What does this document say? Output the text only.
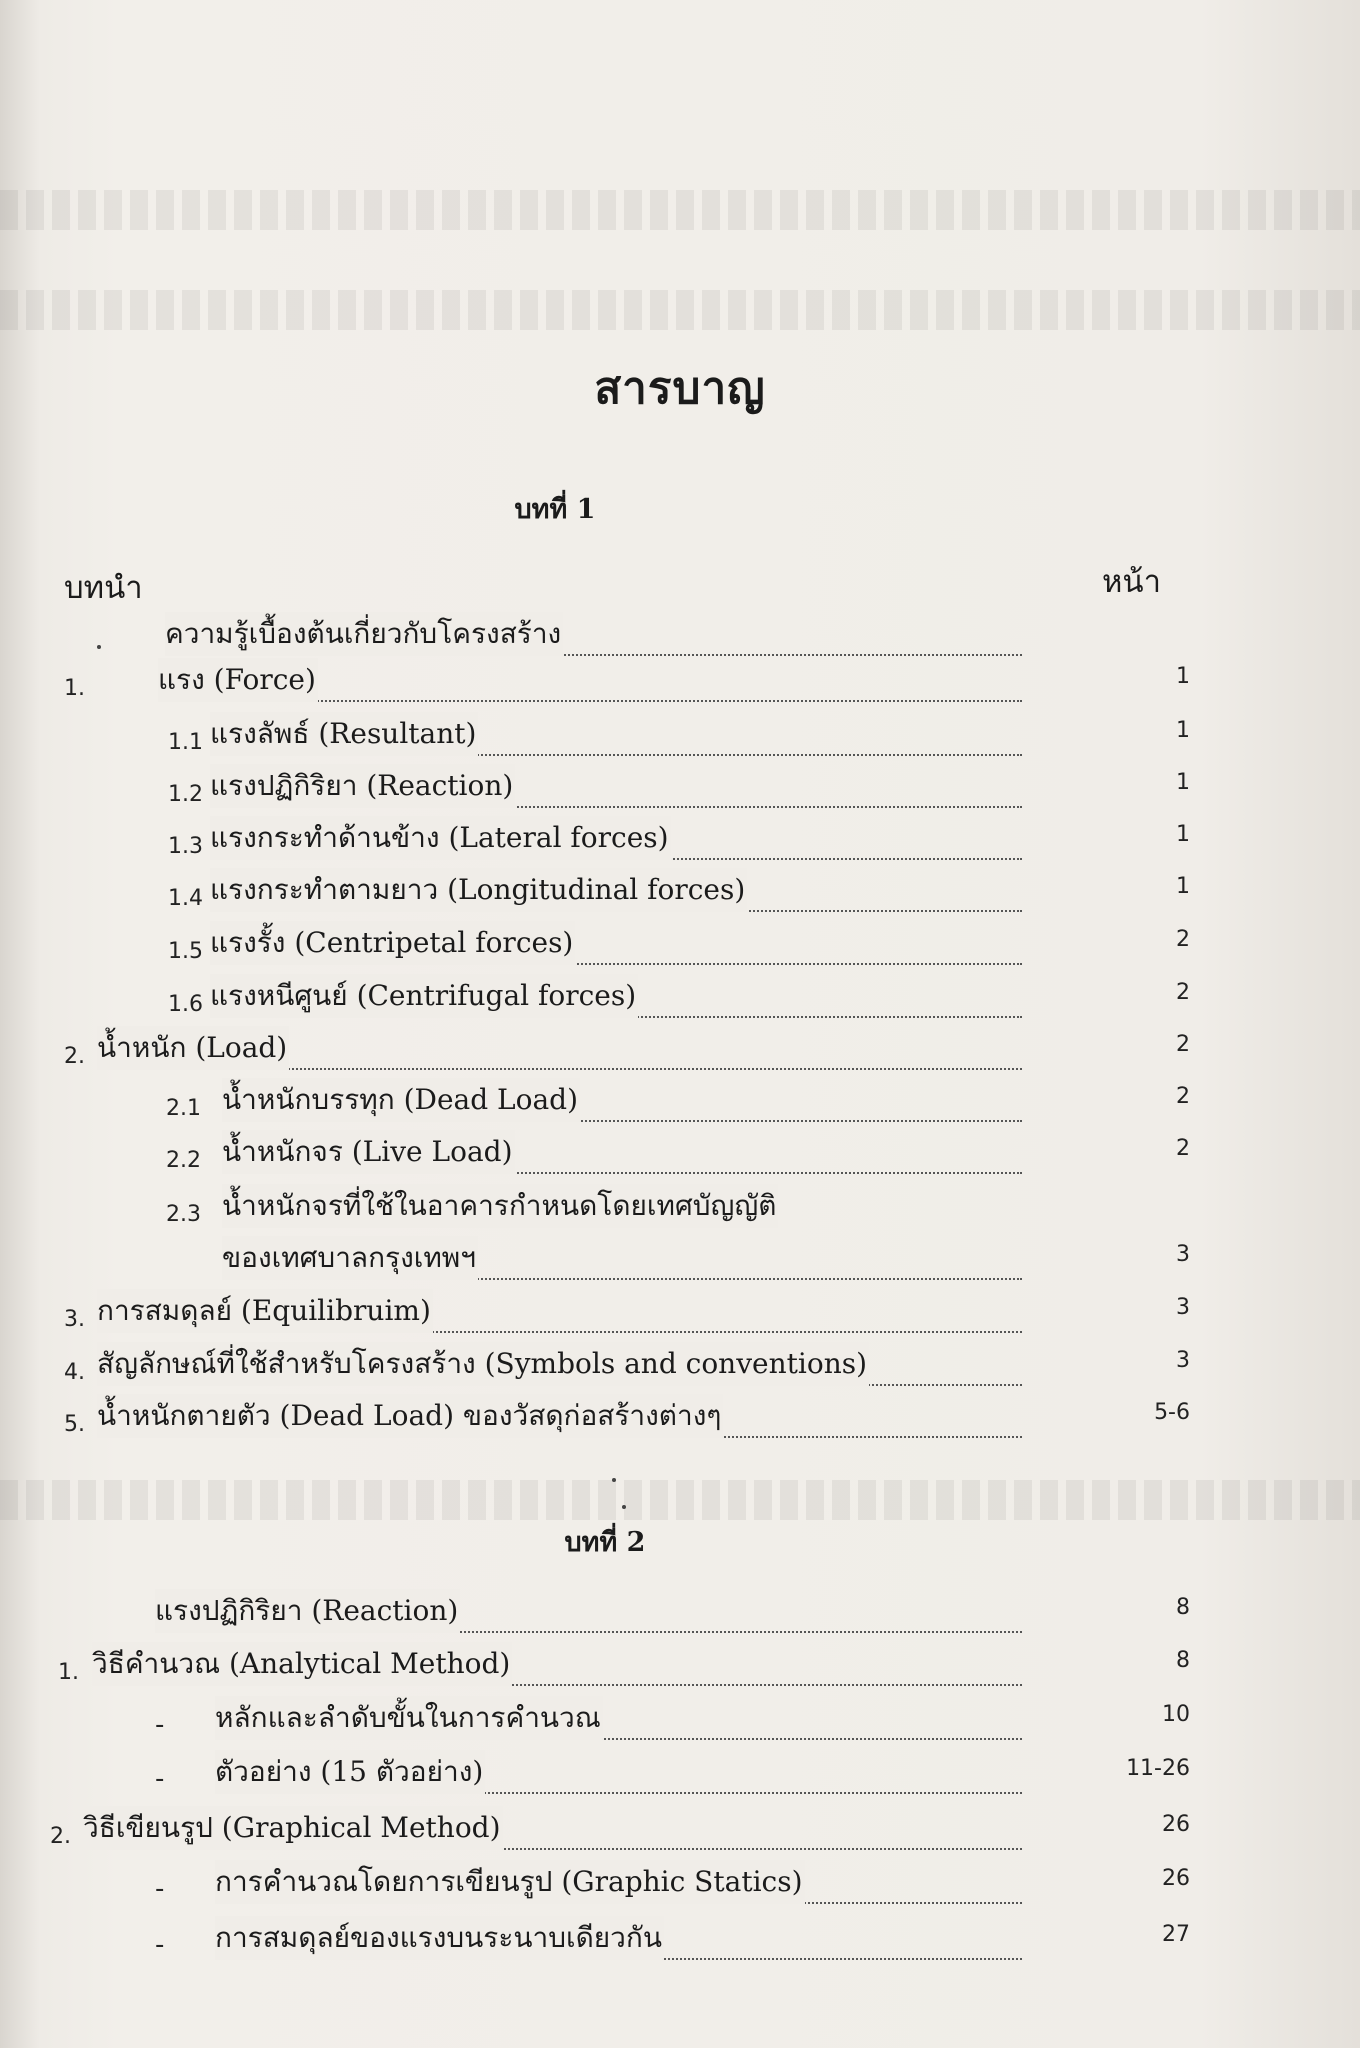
สารบาญ
บทที่ 1
บทนำ	หน้า
บทที่ 2
ความรู้เบื้องต้นเกี่ยวกับโครงสร้าง
1.	แรง (Force)	1
1.1 แรงลัพธ์ (Resultant)	1
1.2 แรงปฏิกิริยา (Reaction)	1
1.3 แรงกระทำด้านข้าง (Lateral forces)	1
1.4 แรงกระทำตามยาว (Longitudinal forces)	1
1.5 แรงรั้ง (Centripetal forces)	2
1.6 แรงหนีศูนย์ (Centrifugal forces)	2
2. น้ำหนัก (Load)	2
2.1 น้ำหนักบรรทุก (Dead Load)	2
2.2 น้ำหนักจร (Live Load)	2
2.3 น้ำหนักจรที่ใช้ในอาคารกำหนดโดยเทศบัญญัติ
ของเทศบาลกรุงเทพฯ	3
3. การสมดุลย์ (Equilibruim)	3
4. สัญลักษณ์ที่ใช้สำหรับโครงสร้าง (Symbols and conventions)	3
5. น้ำหนักตายตัว (Dead Load) ของวัสดุก่อสร้างต่างๆ	5-6
แรงปฏิกิริยา (Reaction)	8
1. วิธีคำนวณ (Analytical Method)	8
- หลักและลำดับขั้นในการคำนวณ	10
- ตัวอย่าง (15 ตัวอย่าง)	11-26
2. วิธีเขียนรูป (Graphical Method)	26
- การคำนวณโดยการเขียนรูป (Graphic Statics)	26
- การสมดุลย์ของแรงบนระนาบเดียวกัน	27
